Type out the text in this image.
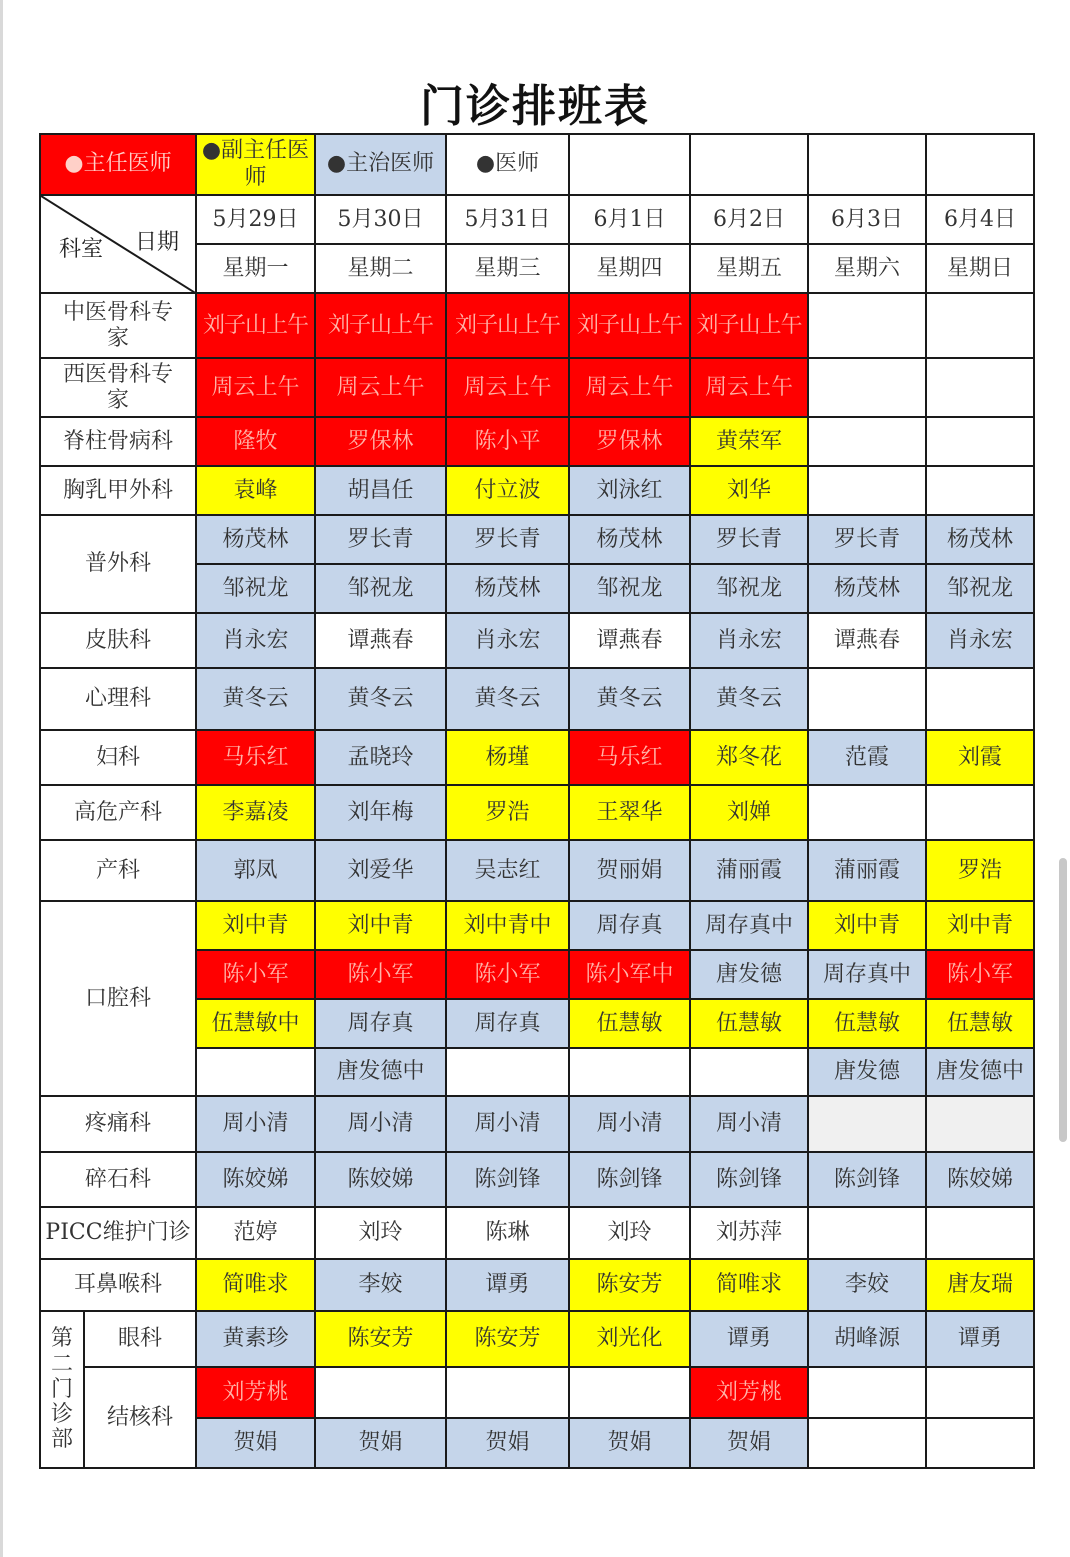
门诊排班表
●主任医师		●副主任医师	●主治医师	●医师				

科室 日期		5月29日	5月30日	5月31日	6月1日	6月2日	6月3日	6月4日
		星期一	星期二	星期三	星期四	星期五	星期六	星期日
中医骨科专家		刘子山上午	刘子山上午	刘子山上午	刘子山上午	刘子山上午		
西医骨科专家		周云上午	周云上午	周云上午	周云上午	周云上午		
脊柱骨病科		隆牧	罗保林	陈小平	罗保林	黄荣军		
胸乳甲外科		袁峰	胡昌任	付立波	刘泳红	刘华		
普外科		杨茂林	罗长青	罗长青	杨茂林	罗长青	罗长青	杨茂林
		邹祝龙	邹祝龙	杨茂林	邹祝龙	邹祝龙	杨茂林	邹祝龙
皮肤科		肖永宏	谭燕春	肖永宏	谭燕春	肖永宏	谭燕春	肖永宏
心理科		黄冬云	黄冬云	黄冬云	黄冬云	黄冬云		
妇科		马乐红	孟晓玲	杨瑾	马乐红	郑冬花	范霞	刘霞
高危产科		李嘉凌	刘年梅	罗浩	王翠华	刘婵		
产科		郭凤	刘爱华	吴志红	贺丽娟	蒲丽霞	蒲丽霞	罗浩
口腔科		刘中青	刘中青	刘中青中	周存真	周存真中	刘中青	刘中青
		陈小军	陈小军	陈小军	陈小军中	唐发德	周存真中	陈小军
		伍慧敏中	周存真	周存真	伍慧敏	伍慧敏	伍慧敏	伍慧敏
			唐发德中				唐发德	唐发德中
疼痛科		周小清	周小清	周小清	周小清	周小清		
碎石科		陈姣娣	陈姣娣	陈剑锋	陈剑锋	陈剑锋	陈剑锋	陈姣娣
PICC维护门诊		范婷	刘玲	陈琳	刘玲	刘苏萍		
耳鼻喉科		简唯求	李姣	谭勇	陈安芳	简唯求	李姣	唐友瑞

第二门诊部	眼科	黄素珍	陈安芳	陈安芳	刘光化	谭勇	胡峰源	谭勇
	结核科	刘芳桃				刘芳桃		
		贺娟	贺娟	贺娟	贺娟	贺娟		
